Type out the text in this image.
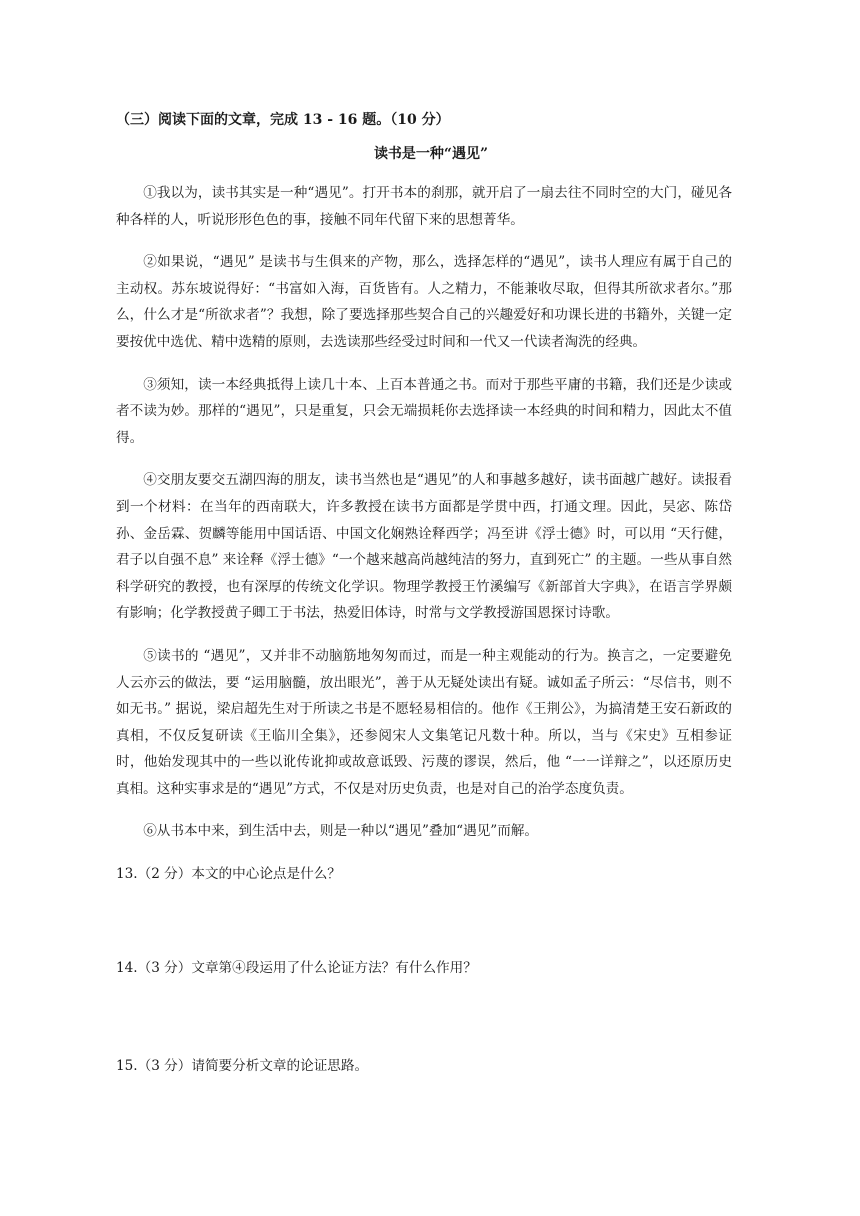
（三）阅读下面的文章，完成 13 - 16 题。（10 分）
读书是一种“遇见”

①我以为，读书其实是一种“遇见”。打开书本的刹那，就开启了一扇去往不同时空的大门，碰见各种各样的人，听说形形色色的事，接触不同年代留下来的思想菁华。

②如果说，“遇见” 是读书与生俱来的产物，那么，选择怎样的“遇见”，读书人理应有属于自己的主动权。苏东坡说得好：“书富如入海，百货皆有。人之精力，不能兼收尽取，但得其所欲求者尔。”那么，什么才是“所欲求者”？我想，除了要选择那些契合自己的兴趣爱好和功课长进的书籍外，关键一定要按优中选优、精中选精的原则，去选读那些经受过时间和一代又一代读者淘洗的经典。

③须知，读一本经典抵得上读几十本、上百本普通之书。而对于那些平庸的书籍，我们还是少读或者不读为妙。那样的“遇见”，只是重复，只会无端损耗你去选择读一本经典的时间和精力，因此太不值得。

④交朋友要交五湖四海的朋友，读书当然也是“遇见”的人和事越多越好，读书面越广越好。读报看到一个材料：在当年的西南联大，许多教授在读书方面都是学贯中西，打通文理。因此，吴宓、陈岱孙、金岳霖、贺麟等能用中国话语、中国文化娴熟诠释西学；冯至讲《浮士德》时，可以用 “天行健，君子以自强不息” 来诠释《浮士德》“一个越来越高尚越纯洁的努力，直到死亡” 的主题。一些从事自然科学研究的教授，也有深厚的传统文化学识。物理学教授王竹溪编写《新部首大字典》，在语言学界颇有影响；化学教授黄子卿工于书法，热爱旧体诗，时常与文学教授游国恩探讨诗歌。

⑤读书的 “遇见”，又并非不动脑筋地匆匆而过，而是一种主观能动的行为。换言之，一定要避免人云亦云的做法，要 “运用脑髓，放出眼光”，善于从无疑处读出有疑。诚如孟子所云：“尽信书，则不如无书。” 据说，梁启超先生对于所读之书是不愿轻易相信的。他作《王荆公》，为搞清楚王安石新政的真相，不仅反复研读《王临川全集》，还参阅宋人文集笔记凡数十种。所以，当与《宋史》互相参证时，他始发现其中的一些以讹传讹抑或故意诋毁、污蔑的谬误，然后，他 “一一详辩之”，以还原历史真相。这种实事求是的“遇见”方式，不仅是对历史负责，也是对自己的治学态度负责。

⑥从书本中来，到生活中去，则是一种以“遇见”叠加“遇见”而解。

13.（2 分）本文的中心论点是什么？

14.（3 分）文章第④段运用了什么论证方法？有什么作用？

15.（3 分）请简要分析文章的论证思路。
